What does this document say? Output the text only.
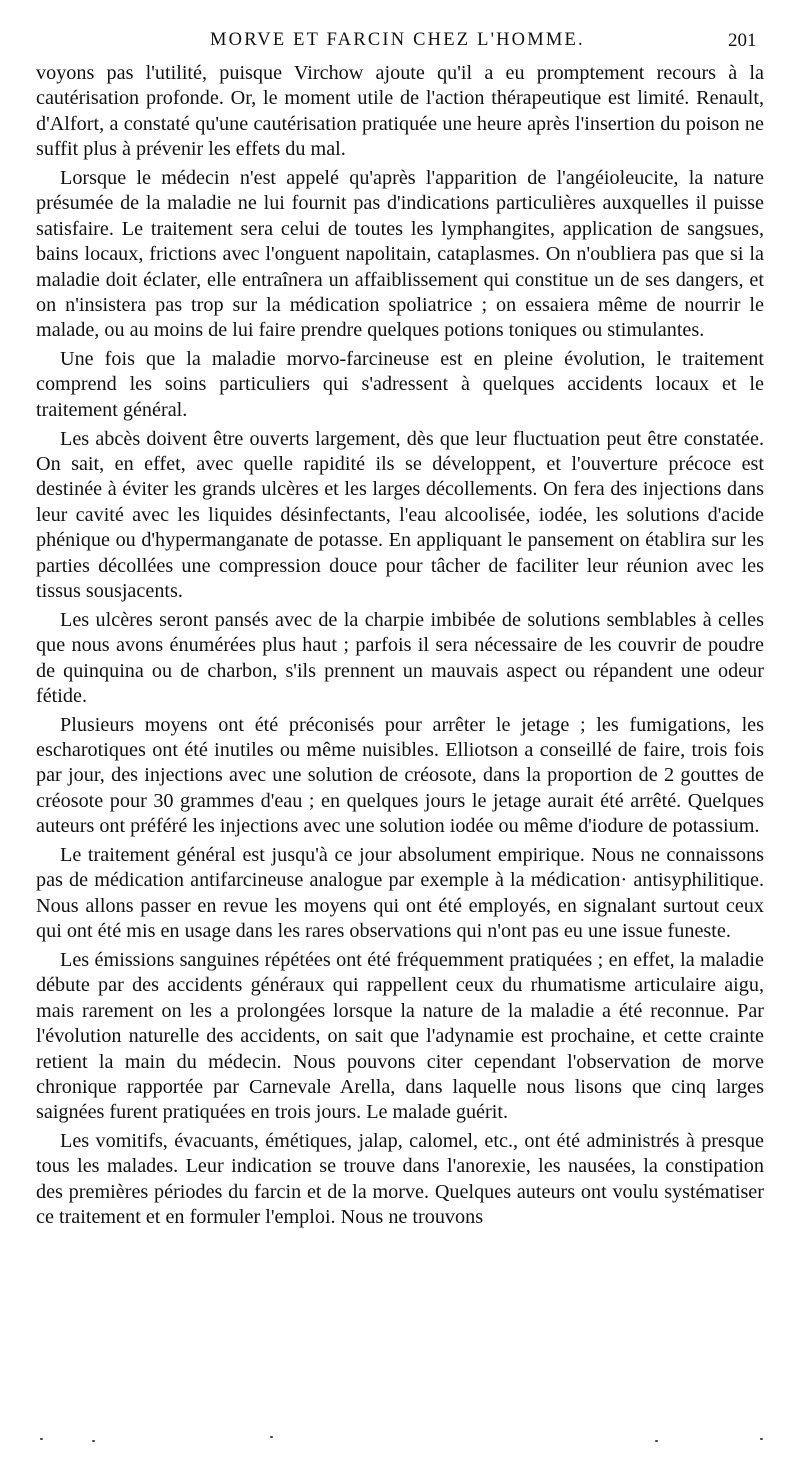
MORVE ET FARCIN CHEZ L'HOMME.	201

voyons pas l'utilité, puisque Virchow ajoute qu'il a eu promptement recours à la cautérisation profonde. Or, le moment utile de l'action thérapeutique est limité. Renault, d'Alfort, a constaté qu'une cautérisation pratiquée une heure après l'insertion du poison ne suffit plus à prévenir les effets du mal.

Lorsque le médecin n'est appelé qu'après l'apparition de l'angéioleucite, la nature présumée de la maladie ne lui fournit pas d'indications particulières auxquelles il puisse satisfaire. Le traitement sera celui de toutes les lymphangites, application de sangsues, bains locaux, frictions avec l'onguent napolitain, cataplasmes. On n'oubliera pas que si la maladie doit éclater, elle entraînera un affaiblissement qui constitue un de ses dangers, et on n'insistera pas trop sur la médication spoliatrice ; on essaiera même de nourrir le malade, ou au moins de lui faire prendre quelques potions toniques ou stimulantes.

Une fois que la maladie morvo-farcineuse est en pleine évolution, le traitement comprend les soins particuliers qui s'adressent à quelques accidents locaux et le traitement général.

Les abcès doivent être ouverts largement, dès que leur fluctuation peut être constatée. On sait, en effet, avec quelle rapidité ils se développent, et l'ouverture précoce est destinée à éviter les grands ulcères et les larges décollements. On fera des injections dans leur cavité avec les liquides désinfectants, l'eau alcoolisée, iodée, les solutions d'acide phénique ou d'hypermanganate de potasse. En appliquant le pansement on établira sur les parties décollées une compression douce pour tâcher de faciliter leur réunion avec les tissus sousjacents.

Les ulcères seront pansés avec de la charpie imbibée de solutions semblables à celles que nous avons énumérées plus haut ; parfois il sera nécessaire de les couvrir de poudre de quinquina ou de charbon, s'ils prennent un mauvais aspect ou répandent une odeur fétide.

Plusieurs moyens ont été préconisés pour arrêter le jetage ; les fumigations, les escharotiques ont été inutiles ou même nuisibles. Elliotson a conseillé de faire, trois fois par jour, des injections avec une solution de créosote, dans la proportion de 2 gouttes de créosote pour 30 grammes d'eau ; en quelques jours le jetage aurait été arrêté. Quelques auteurs ont préféré les injections avec une solution iodée ou même d'iodure de potassium.

Le traitement général est jusqu'à ce jour absolument empirique. Nous ne connaissons pas de médication antifarcineuse analogue par exemple à la médication· antisyphilitique. Nous allons passer en revue les moyens qui ont été employés, en signalant surtout ceux qui ont été mis en usage dans les rares observations qui n'ont pas eu une issue funeste.

Les émissions sanguines répétées ont été fréquemment pratiquées ; en effet, la maladie débute par des accidents généraux qui rappellent ceux du rhumatisme articulaire aigu, mais rarement on les a prolongées lorsque la nature de la maladie a été reconnue. Par l'évolution naturelle des accidents, on sait que l'adynamie est prochaine, et cette crainte retient la main du médecin. Nous pouvons citer cependant l'observation de morve chronique rapportée par Carnevale Arella, dans laquelle nous lisons que cinq larges saignées furent pratiquées en trois jours. Le malade guérit.

Les vomitifs, évacuants, émétiques, jalap, calomel, etc., ont été administrés à presque tous les malades. Leur indication se trouve dans l'anorexie, les nausées, la constipation des premières périodes du farcin et de la morve. Quelques auteurs ont voulu systématiser ce traitement et en formuler l'emploi. Nous ne trouvons
